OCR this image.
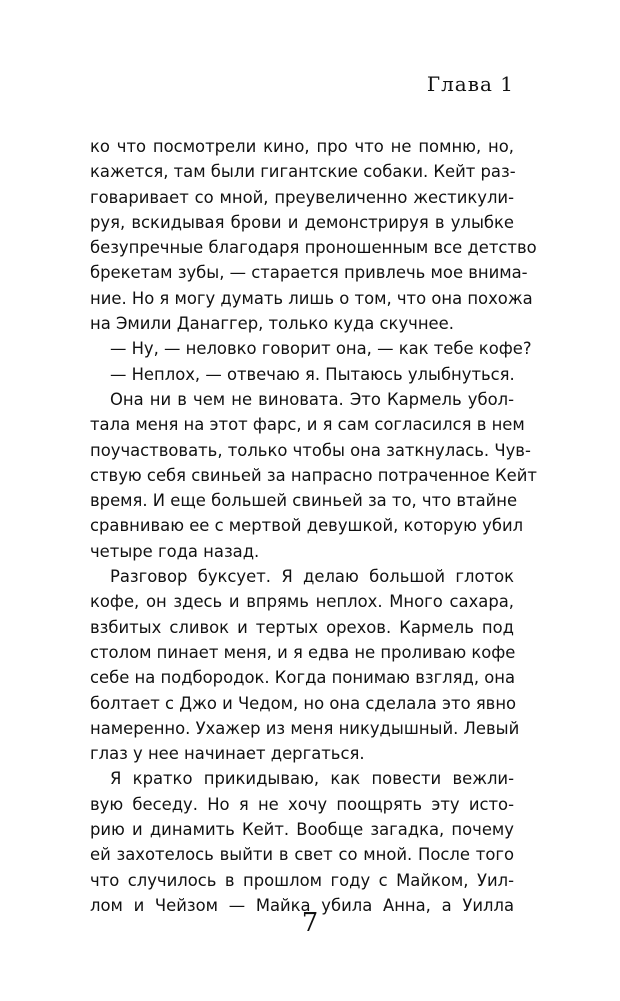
Глава 1
ко что посмотрели кино, про что не помню, но,
кажется, там были гигантские собаки. Кейт раз-
говаривает со мной, преувеличенно жестикули-
руя, вскидывая брови и демонстрируя в улыбке
безупречные благодаря проношенным все детство
брекетам зубы, — старается привлечь мое внима-
ние. Но я могу думать лишь о том, что она похожа
на Эмили Данаггер, только куда скучнее.
— Ну, — неловко говорит она, — как тебе кофе?
— Неплох, — отвечаю я. Пытаюсь улыбнуться.
Она ни в чем не виновата. Это Кармель убол-
тала меня на этот фарс, и я сам согласился в нем
поучаствовать, только чтобы она заткнулась. Чув-
ствую себя свиньей за напрасно потраченное Кейт
время. И еще большей свиньей за то, что втайне
сравниваю ее с мертвой девушкой, которую убил
четыре года назад.
Разговор буксует. Я делаю большой глоток
кофе, он здесь и впрямь неплох. Много сахара,
взбитых сливок и тертых орехов. Кармель под
столом пинает меня, и я едва не проливаю кофе
себе на подбородок. Когда понимаю взгляд, она
болтает с Джо и Чедом, но она сделала это явно
намеренно. Ухажер из меня никудышный. Левый
глаз у нее начинает дергаться.
Я кратко прикидываю, как повести вежли-
вую беседу. Но я не хочу поощрять эту исто-
рию и динамить Кейт. Вообще загадка, почему
ей захотелось выйти в свет со мной. После того
что случилось в прошлом году с Майком, Уил-
лом и Чейзом — Майка убила Анна, а Уилла
7
